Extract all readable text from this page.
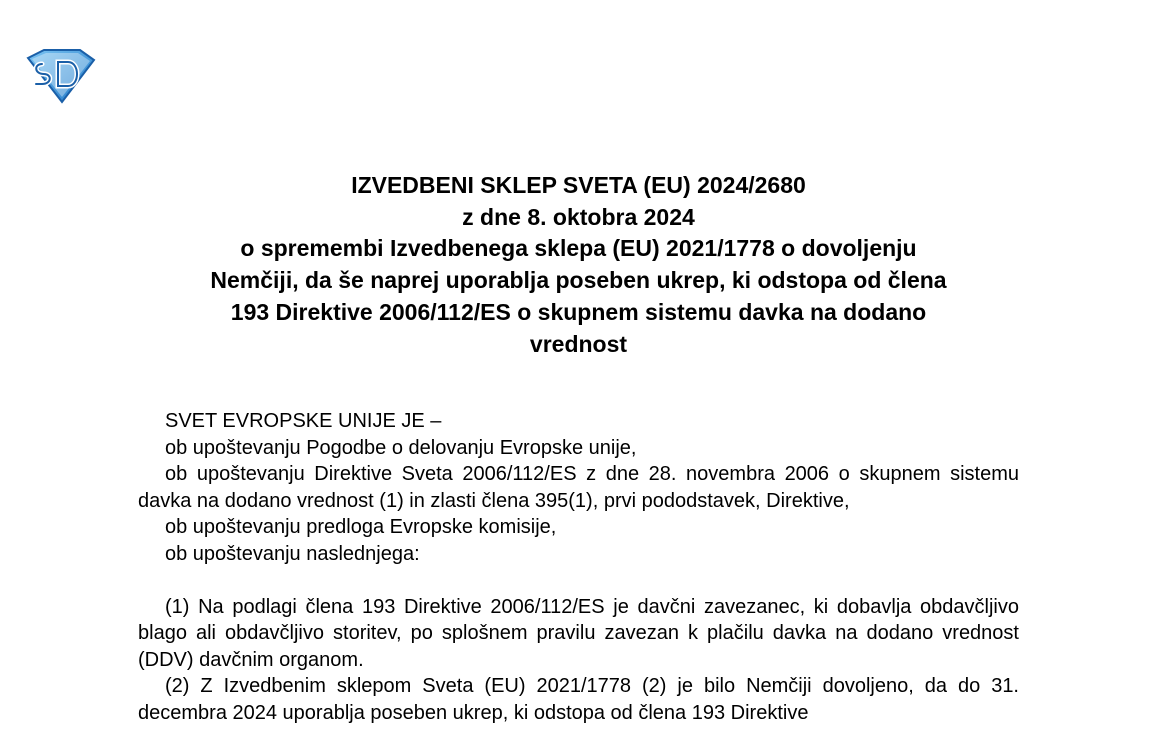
IZVEDBENI SKLEP SVETA (EU) 2024/2680
z dne 8. oktobra 2024
o spremembi Izvedbenega sklepa (EU) 2021/1778 o dovoljenju
Nemčiji, da še naprej uporablja poseben ukrep, ki odstopa od člena
193 Direktive 2006/112/ES o skupnem sistemu davka na dodano
vrednost

SVET EVROPSKE UNIJE JE –

ob upoštevanju Pogodbe o delovanju Evropske unije,

ob upoštevanju Direktive Sveta 2006/112/ES z dne 28. novembra 2006 o skupnem sistemu davka na dodano vrednost (1) in zlasti člena 395(1), prvi pododstavek, Direktive,

ob upoštevanju predloga Evropske komisije,

ob upoštevanju naslednjega:

(1) Na podlagi člena 193 Direktive 2006/112/ES je davčni zavezanec, ki dobavlja obdavčljivo blago ali obdavčljivo storitev, po splošnem pravilu zavezan k plačilu davka na dodano vrednost (DDV) davčnim organom.

(2) Z Izvedbenim sklepom Sveta (EU) 2021/1778 (2) je bilo Nemčiji dovoljeno, da do 31. decembra 2024 uporablja poseben ukrep, ki odstopa od člena 193 Direktive
